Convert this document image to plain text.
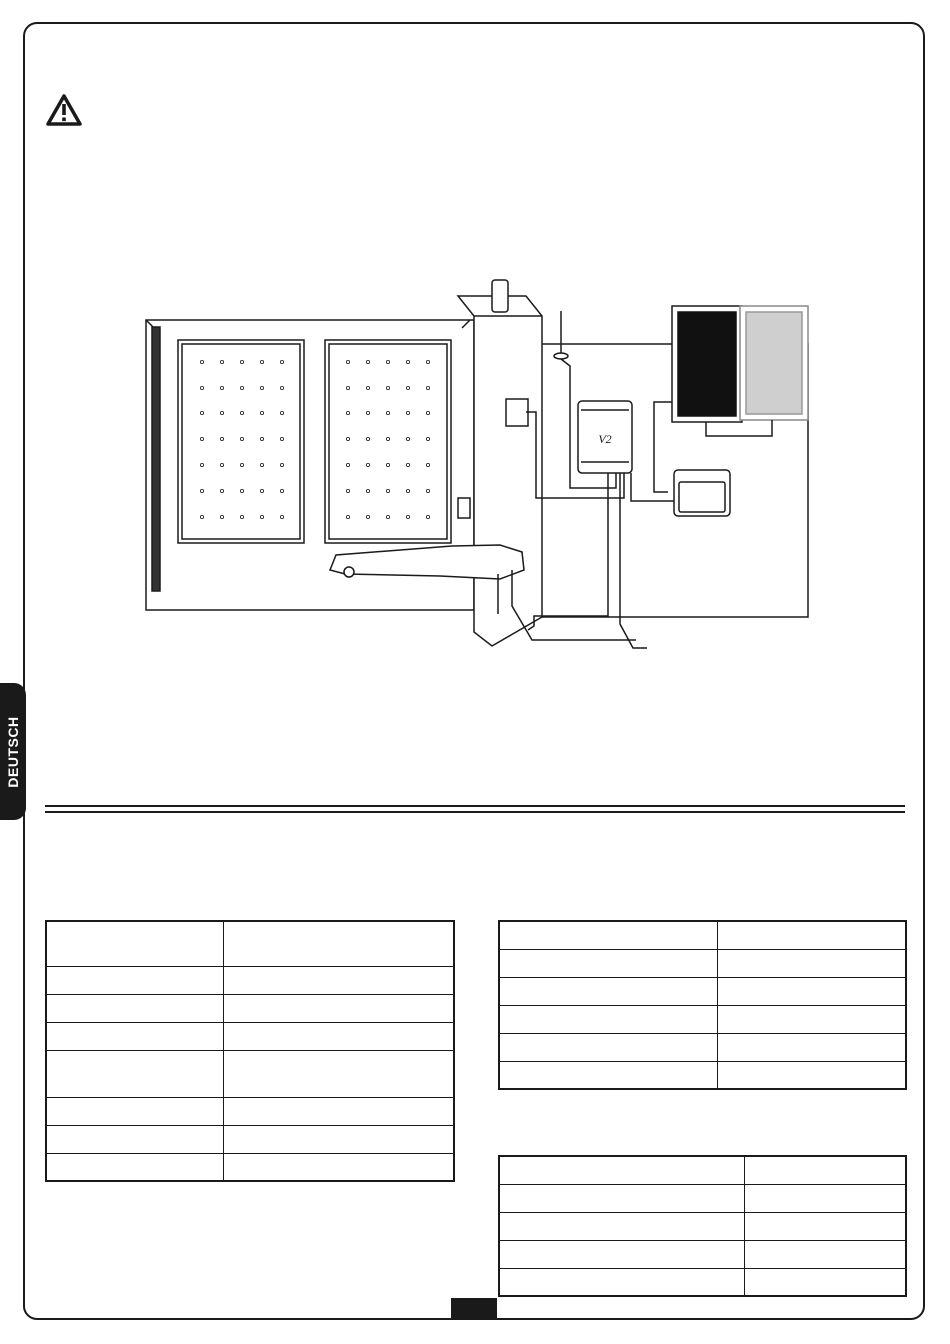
V2
DEUTSCH
